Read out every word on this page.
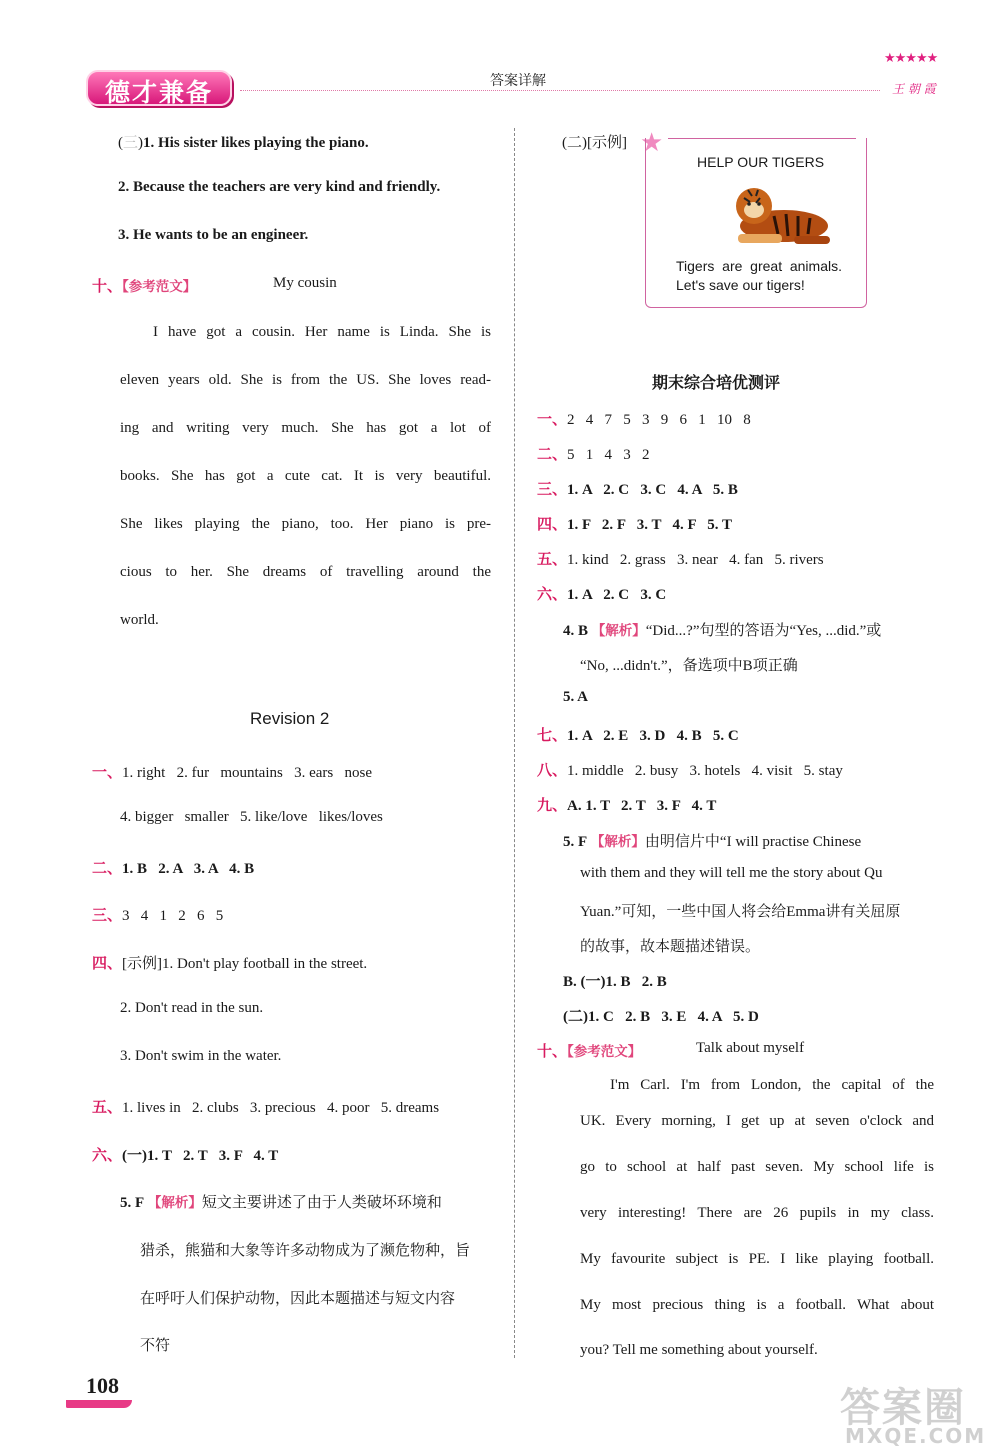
德才兼备	答案详解
★★★★★
王 朝 霞
(三)1. His sister likes playing the piano.
2. Because the teachers are very kind and friendly.
3. He wants to be an engineer.
十、【参考范文】	My cousin
I have got a cousin. Her name is Linda. She is
eleven years old. She is from the US. She loves read-
ing and writing very much. She has got a lot of
books. She has got a cute cat. It is very beautiful.
She likes playing the piano, too. Her piano is pre-
cious to her. She dreams of travelling around the
world.
Revision 2
一、1. right   2. fur   mountains   3. ears   nose
4. bigger   smaller   5. like/love   likes/loves
二、1. B   2. A   3. A   4. B
三、3   4   1   2   6   5
四、[示例]1. Don't play football in the street.
2. Don't read in the sun.
3. Don't swim in the water.
五、1. lives in   2. clubs   3. precious   4. poor   5. dreams
六、(一)1. T   2. T   3. F   4. T
5. F 【解析】短文主要讲述了由于人类破坏环境和
猎杀，熊猫和大象等许多动物成为了濒危物种，旨
在呼吁人们保护动物，因此本题描述与短文内容
不符
(二)[示例] ★
HELP OUR TIGERS
Tigers  are  great  animals.
Let's save our tigers!
期末综合培优测评
一、2   4   7   5   3   9   6   1   10   8
二、5   1   4   3   2
三、1. A   2. C   3. C   4. A   5. B
四、1. F   2. F   3. T   4. F   5. T
五、1. kind   2. grass   3. near   4. fan   5. rivers
六、1. A   2. C   3. C
4. B 【解析】“Did...?”句型的答语为“Yes, ...did.”或
“No, ...didn't.”，备选项中B项正确
5. A
七、1. A   2. E   3. D   4. B   5. C
八、1. middle   2. busy   3. hotels   4. visit   5. stay
九、A. 1. T   2. T   3. F   4. T
5. F 【解析】由明信片中“I will practise Chinese
with them and they will tell me the story about Qu
Yuan.”可知，一些中国人将会给Emma讲有关屈原
的故事，故本题描述错误。
B. (一)1. B   2. B
(二)1. C   2. B   3. E   4. A   5. D
十、【参考范文】	Talk about myself
I'm Carl. I'm from London, the capital of the
UK. Every morning, I get up at seven o'clock and
go to school at half past seven. My school life is
very interesting! There are 26 pupils in my class.
My favourite subject is PE. I like playing football.
My most precious thing is a football. What about
you? Tell me something about yourself.
108	答案圈
MXQE.COM
